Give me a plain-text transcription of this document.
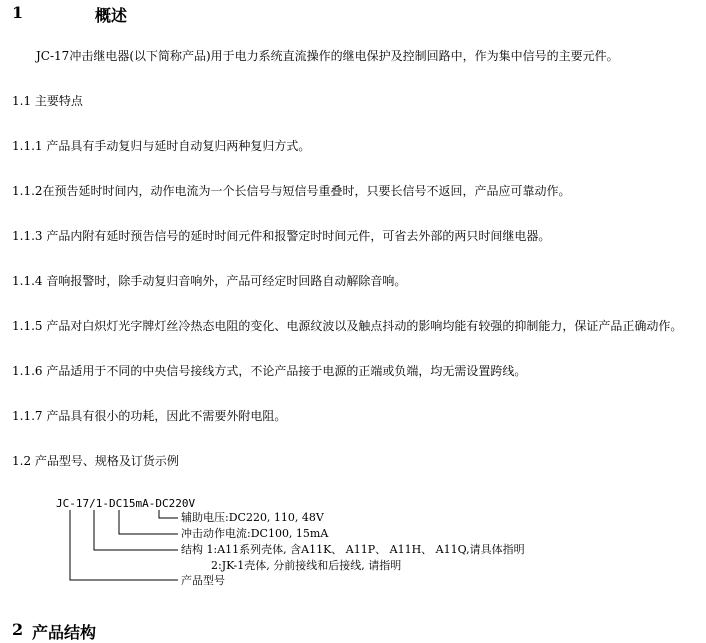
1	概述
JC-17冲击继电器(以下简称产品)用于电力系统直流操作的继电保护及控制回路中，作为集中信号的主要元件。
1.1 主要特点
1.1.1 产品具有手动复归与延时自动复归两种复归方式。
1.1.2在预告延时时间内，动作电流为一个长信号与短信号重叠时，只要长信号不返回，产品应可靠动作。
1.1.3 产品内附有延时预告信号的延时时间元件和报警定时时间元件，可省去外部的两只时间继电器。
1.1.4 音响报警时，除手动复归音响外，产品可经定时回路自动解除音响。
1.1.5 产品对白炽灯光字牌灯丝冷热态电阻的变化、电源纹波以及触点抖动的影响均能有较强的抑制能力，保证产品正确动作。
1.1.6 产品适用于不同的中央信号接线方式，不论产品接于电源的正端或负端，均无需设置跨线。
1.1.7 产品具有很小的功耗，因此不需要外附电阻。
1.2 产品型号、规格及订货示例
JC-17/1-DC15mA-DC220V
辅助电压:DC220, 110, 48V
冲击动作电流:DC100, 15mA
结构 1:A11系列壳体, 含A11K、 A11P、 A11H、 A11Q,请具体指明
2:JK-1壳体, 分前接线和后接线, 请指明
产品型号
2 产品结构
